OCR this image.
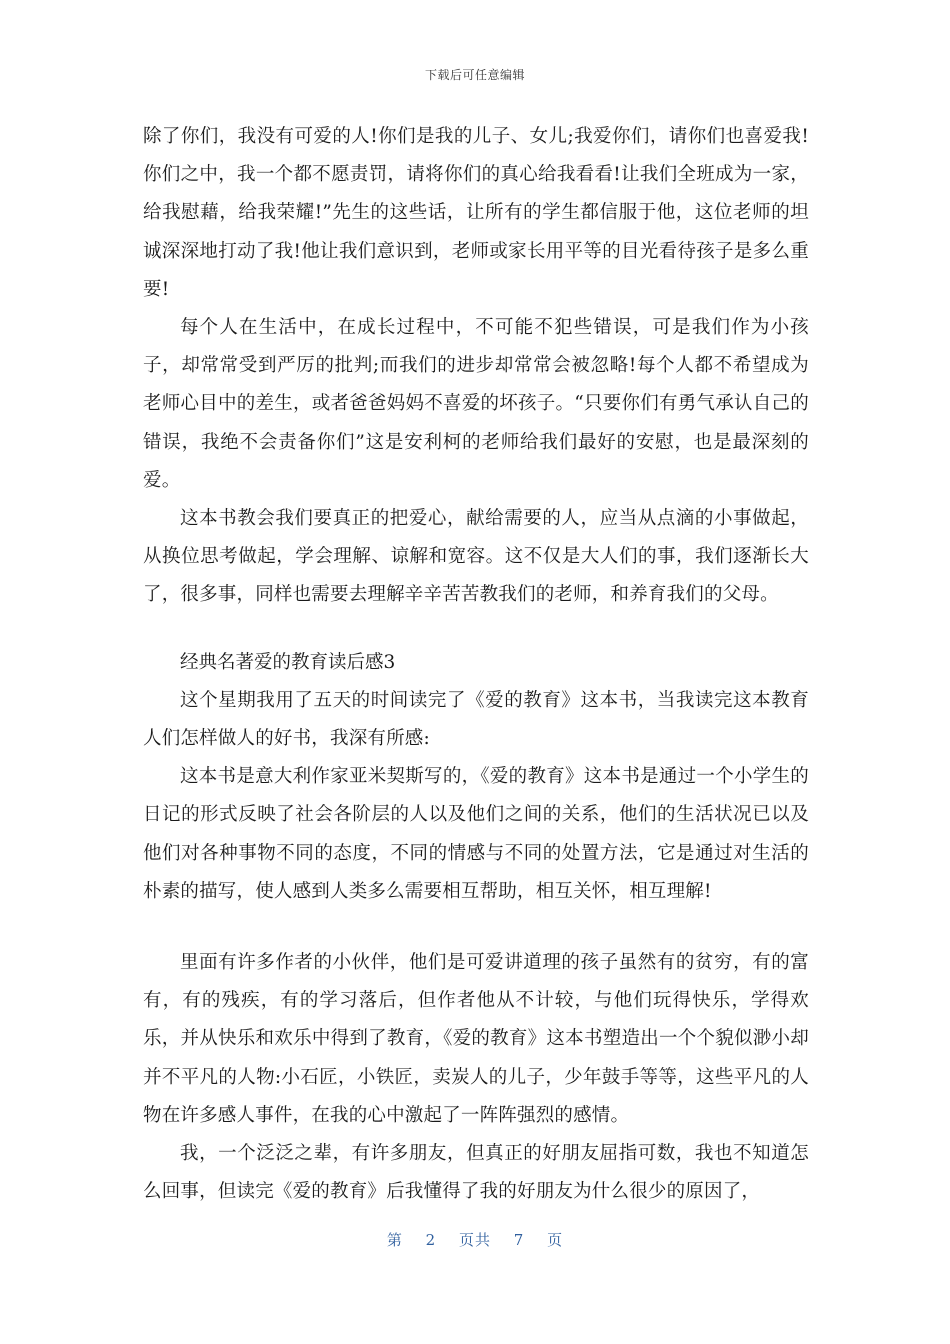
下载后可任意编辑

除了你们，我没有可爱的人!你们是我的儿子、女儿;我爱你们，请你们也喜爱我!你们之中，我一个都不愿责罚，请将你们的真心给我看看!让我们全班成为一家，给我慰藉，给我荣耀!”先生的这些话，让所有的学生都信服于他，这位老师的坦诚深深地打动了我!他让我们意识到，老师或家长用平等的目光看待孩子是多么重要!

每个人在生活中，在成长过程中，不可能不犯些错误，可是我们作为小孩子，却常常受到严厉的批判;而我们的进步却常常会被忽略!每个人都不希望成为老师心目中的差生，或者爸爸妈妈不喜爱的坏孩子。“只要你们有勇气承认自己的错误，我绝不会责备你们”这是安利柯的老师给我们最好的安慰，也是最深刻的爱。

这本书教会我们要真正的把爱心，献给需要的人，应当从点滴的小事做起，从换位思考做起，学会理解、谅解和宽容。这不仅是大人们的事，我们逐渐长大了，很多事，同样也需要去理解辛辛苦苦教我们的老师，和养育我们的父母。

经典名著爱的教育读后感3

这个星期我用了五天的时间读完了《爱的教育》这本书，当我读完这本教育人们怎样做人的好书，我深有所感:

这本书是意大利作家亚米契斯写的，《爱的教育》这本书是通过一个小学生的日记的形式反映了社会各阶层的人以及他们之间的关系，他们的生活状况已以及他们对各种事物不同的态度，不同的情感与不同的处置方法，它是通过对生活的朴素的描写，使人感到人类多么需要相互帮助，相互关怀，相互理解!

里面有许多作者的小伙伴，他们是可爱讲道理的孩子虽然有的贫穷，有的富有，有的残疾，有的学习落后，但作者他从不计较，与他们玩得快乐，学得欢乐，并从快乐和欢乐中得到了教育，《爱的教育》这本书塑造出一个个貌似渺小却并不平凡的人物:小石匠，小铁匠，卖炭人的儿子，少年鼓手等等，这些平凡的人物在许多感人事件，在我的心中激起了一阵阵强烈的感情。

我，一个泛泛之辈，有许多朋友，但真正的好朋友屈指可数，我也不知道怎么回事，但读完《爱的教育》后我懂得了我的好朋友为什么很少的原因了，

第 2 页共 7 页
